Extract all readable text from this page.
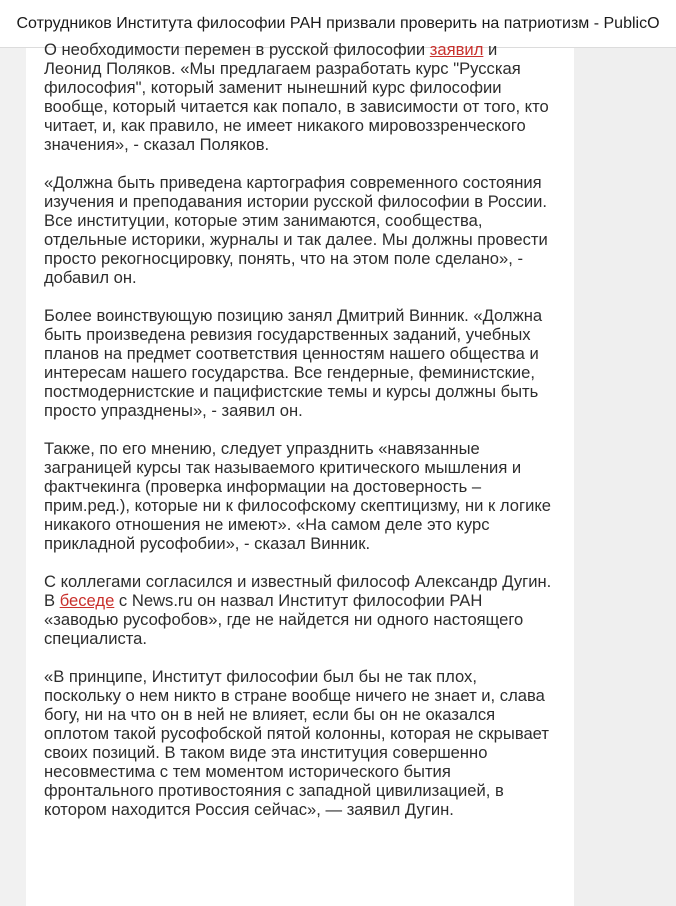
Сотрудников Института философии РАН призвали проверить на патриотизм - PublicO

О необходимости перемен в русской философии заявил и Леонид Поляков. «Мы предлагаем разработать курс "Русская философия", который заменит нынешний курс философии вообще, который читается как попало, в зависимости от того, кто читает, и, как правило, не имеет никакого мировоззренческого значения», - сказал Поляков.

«Должна быть приведена картография современного состояния изучения и преподавания истории русской философии в России. Все институции, которые этим занимаются, сообщества, отдельные историки, журналы и так далее. Мы должны провести просто рекогносцировку, понять, что на этом поле сделано», - добавил он.

Более воинствующую позицию занял Дмитрий Винник. «Должна быть произведена ревизия государственных заданий, учебных планов на предмет соответствия ценностям нашего общества и интересам нашего государства. Все гендерные, феминистские, постмодернистские и пацифистские темы и курсы должны быть просто упразднены», - заявил он.

Также, по его мнению, следует упразднить «навязанные заграницей курсы так называемого критического мышления и фактчекинга (проверка информации на достоверность – прим.ред.), которые ни к философскому скептицизму, ни к логике никакого отношения не имеют». «На самом деле это курс прикладной русофобии», - сказал Винник.

С коллегами согласился и известный философ Александр Дугин. В беседе с News.ru он назвал Институт философии РАН «заводью русофобов», где не найдется ни одного настоящего специалиста.

«В принципе, Институт философии был бы не так плох, поскольку о нем никто в стране вообще ничего не знает и, слава богу, ни на что он в ней не влияет, если бы он не оказался оплотом такой русофобской пятой колонны, которая не скрывает своих позиций. В таком виде эта институция совершенно несовместима с тем моментом исторического бытия фронтального противостояния с западной цивилизацией, в котором находится Россия сейчас», — заявил Дугин.
